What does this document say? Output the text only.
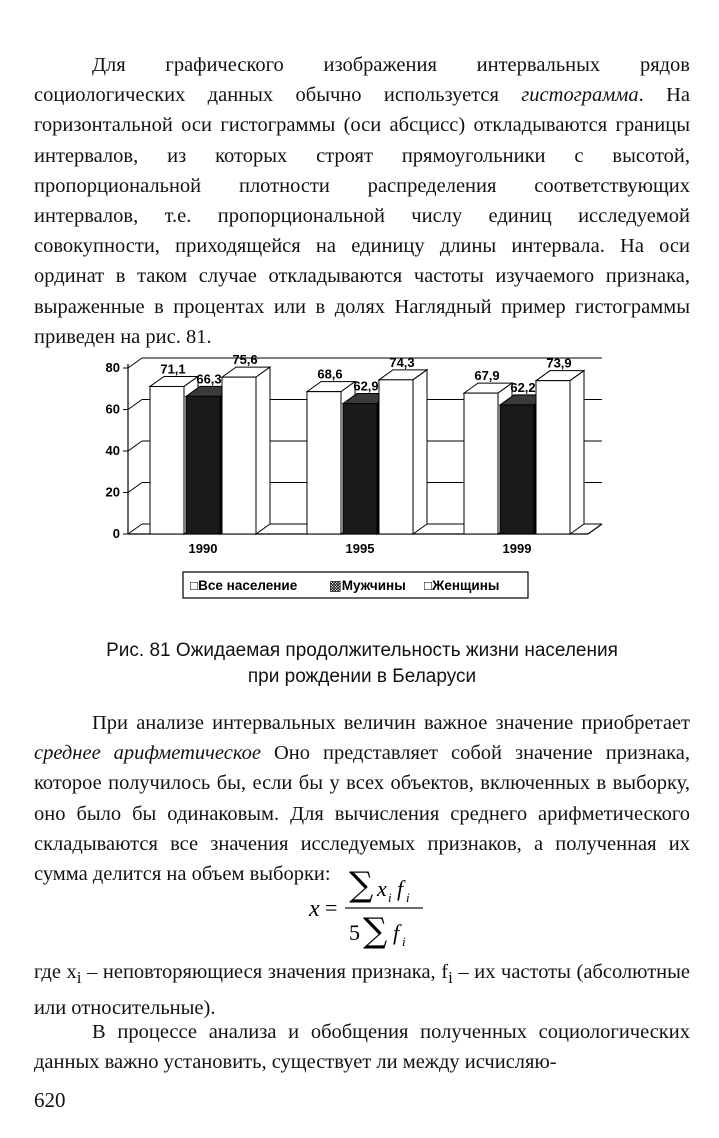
Для графического изображения интервальных рядов социологических данных обычно используется гистограмма. На горизонтальной оси гистограммы (оси абсцисс) откладываются границы интервалов, из которых строят прямоугольники с высотой, пропорциональной плотности распределения соответствующих интервалов, т.е. пропорциональной числу единиц исследуемой совокупности, приходящейся на единицу длины интервала. На оси ординат в таком случае откладываются частоты изучаемого признака, выраженные в процентах или в долях Наглядный пример гистограммы приведен на рис. 81.

0
20
40
60
80	71,1
66,3
75,6
1990
68,6
62,9
74,3
1995
67,9
62,2
73,9
1999
□Все население ▩Мужчины □Женщины
Рис. 81 Ожидаемая продолжительность жизни населения
при рождении в Беларуси

При анализе интервальных величин важное значение приобретает среднее арифметическое Оно представляет собой значение признака, которое получилось бы, если бы у всех объектов, включенных в выборку, оно было бы одинаковым. Для вычисления среднего арифметического складываются все значения исследуемых признаков, а полученная их сумма делится на объем выборки:

x =
∑ x i f i
5 ∑ f i

где $x_i$ – неповторяющиеся значения признака, $f_i$ – их частоты (абсолютные или относительные).

В процессе анализа и обобщения полученных социологических данных важно установить, существует ли между исчисляю-

620
